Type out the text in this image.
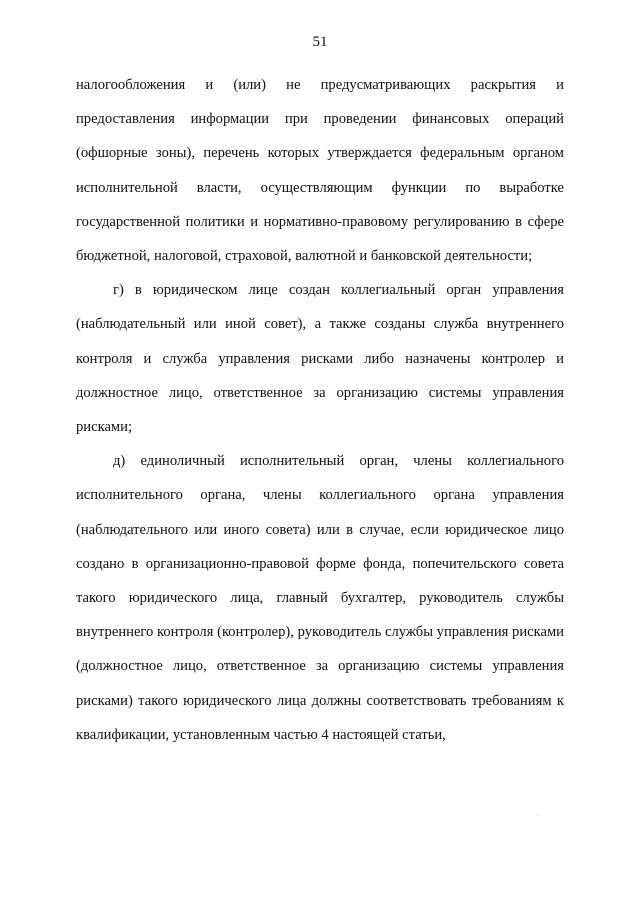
51

налогообложения и (или) не предусматривающих раскрытия и предоставления информации при проведении финансовых операций (офшорные зоны), перечень которых утверждается федеральным органом исполнительной власти, осуществляющим функции по выработке государственной политики и нормативно-правовому регулированию в сфере бюджетной, налоговой, страховой, валютной и банковской деятельности;

г) в юридическом лице создан коллегиальный орган управления (наблюдательный или иной совет), а также созданы служба внутреннего контроля и служба управления рисками либо назначены контролер и должностное лицо, ответственное за организацию системы управления рисками;

д) единоличный исполнительный орган, члены коллегиального исполнительного органа, члены коллегиального органа управления (наблюдательного или иного совета) или в случае, если юридическое лицо создано в организационно-правовой форме фонда, попечительского совета такого юридического лица, главный бухгалтер, руководитель службы внутреннего контроля (контролер), руководитель службы управления рисками (должностное лицо, ответственное за организацию системы управления рисками) такого юридического лица должны соответствовать требованиям к квалификации, установленным частью 4 настоящей статьи,
